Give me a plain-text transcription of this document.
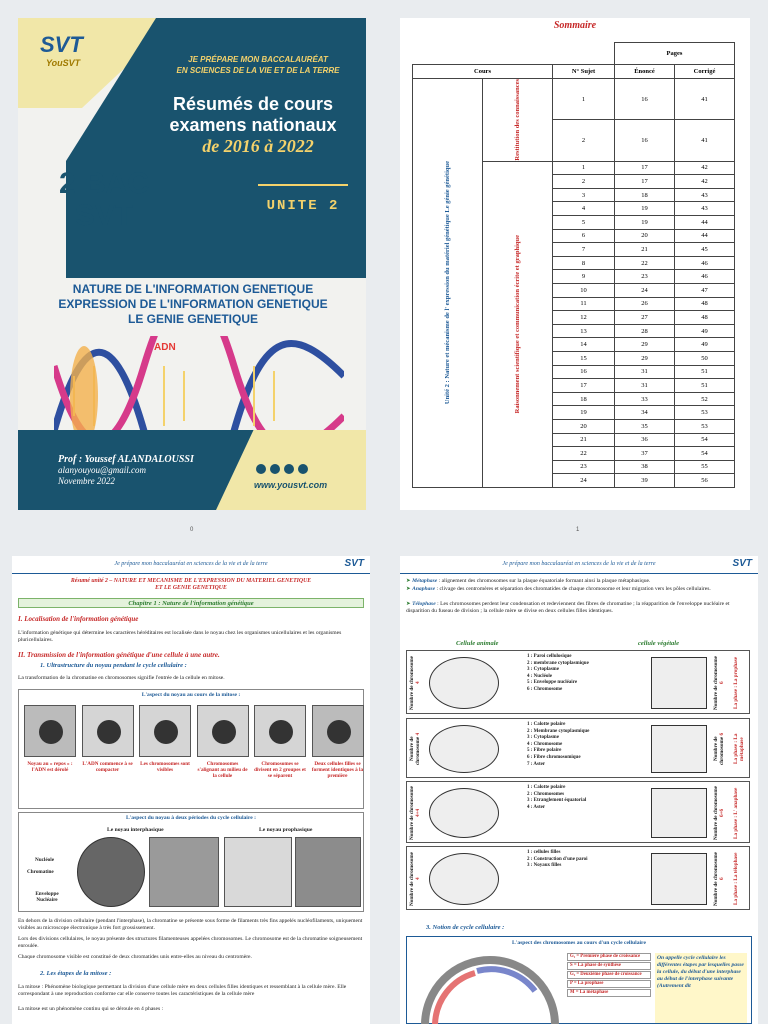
SVT
YouSVT	JE PRÉPARE MON BACCALAURÉAT
EN SCIENCES DE LA VIE ET DE LA TERRE
Résumés de cours
examens nationaux
de 2016 à 2022
2 BAC
SVT	UNITE 2
NATURE DE L'INFORMATION GENETIQUE
EXPRESSION DE L'INFORMATION GENETIQUE
LE GENIE GENETIQUE
ADN
Prof : Youssef ALANDALOUSSI
alanyouyou@gmail.com
Novembre 2022	www.yousvt.com
0
Sommaire
			Pages	
Cours		N° Sujet	Énoncé	Corrigé

Unité 2 : Nature et mécanisme de l' expression du matériel génétique Le génie génétique	Restitution des connaissances	1	16	41
		2	16	41

	Raisonnement scientifique et communication écrite et graphique	1	17	42
		2	17	42
		3	18	43
		4	19	43
		5	19	44
		6	20	44
		7	21	45
		8	22	46
		9	23	46
		10	24	47
		11	26	48
		12	27	48
		13	28	49
		14	29	49
		15	29	50
		16	31	51
		17	31	51
		18	33	52
		19	34	53
		20	35	53
		21	36	54
		22	37	54
		23	38	55
		24	39	56
1
Je prépare mon baccalauréat en sciences de la vie et de la terre	SVT
Résumé unité 2 – NATURE ET MECANISME DE L'EXPRESSION DU MATERIEL GENETIQUE
ET LE GENIE GENETIQUE
Chapitre 1 : Nature de l'information génétique
I. Localisation de l'information génétique
L'information génétique qui détermine les caractères héréditaires est localisée dans le noyau chez les organismes unicellulaires et les organismes pluricellulaires.
II. Transmission de l'information génétique d'une cellule à une autre.
1. Ultrastructure du noyau pendant le cycle cellulaire :
La transformation de la chromatine en chromosomes signifie l'entrée de la cellule en mitose.
L'aspect du noyau au cours de la mitose :
L'aspect du noyau à deux périodes du cycle cellulaire :
Le noyau interphasique	Le noyau prophasique
Nucléole
Chromatine
Enveloppe Nucléaire
En dehors de la division cellulaire (pendant l'interphase), la chromatine se présente sous forme de filaments très fins appelés nucléofilaments, uniquement visibles au microscope électronique à très fort grossissement.
Lors des divisions cellulaires, le noyau présente des structures filamenteuses appelées chromosomes. Le chromosome est de la chromatine soigneusement enroulée.
Chaque chromosome visible est constitué de deux chromatides unis entre-elles au niveau du centromère.
2. Les étapes de la mitose :
La mitose : Phénomène biologique permettant la division d'une cellule mère en deux cellules filles identiques et ressemblant à la cellule mère. Elle correspondant à une reproduction conforme car elle conserve toutes les caractéristiques de la cellule mère
La mitose est un phénomène continu qui se déroule en 4 phases :
Noyau au « repos » : l'ADN est dérolé
L'ADN commence à se compacter
Les chromosomes sont visibles
Chromosomes s'alignant au milieu de la cellule
Chromosomes se divisent en 2 groupes et se séparent
Deux cellules filles se forment identiques à la première
Je prépare mon baccalauréat en sciences de la vie et de la terre	SVT
➤ Métaphase : alignement des chromosomes sur la plaque équatoriale formant ainsi la plaque métaphasique.
➤ Anaphase : clivage des centromères et séparation des chromatides de chaque chromosome et leur migration vers les pôles cellulaires.
➤ Télophase : Les chromosomes perdent leur condensation et redeviennent des fibres de chromatine ; la réapparition de l'enveloppe nucléaire et disparition du fuseau de division ; la cellule mère se divise en deux cellules filles identiques.
Cellule animale	cellule végétale
3. Notion de cycle cellulaire :
L'aspect des chromosomes au cours d'un cycle cellulaire
G₁ = Première phase de croissance
S = La phase de synthèse
G₂ = Deuxième phase de croissance
P = La prophase
M = La métaphase
On appelle cycle cellulaire les différentes étapes par lesquelles passe la cellule, du début d'une interphase au début de l'interphase suivante (Autrement dit
Nombre de chromosome 4
1 : Paroi cellulosique
2 : membrane cytoplasmique
3 : Cytoplasme
4 : Nucléole
5 : Enveloppe nucléaire
6 : Chromosome	Nombre de chromosome 6 La phase : La prophase
Nombre de chromosome 4
1 : Calotte polaire
2 : Membrane cytoplasmique
3 : Cytoplasme
4 : Chromosome
5 : Fibre polaire
6 : Fibre chromosomique
7 : Aster
Nombre de chromosome 6 La phase : La métaphase
Nombre de chromosome 4+4
1 : Calotte polaire
2 : Chromosomes
3 : Etranglement équatorial
4 : Aster	Nombre de chromosome 6+6 La phase : L' anaphase
Nombre de chromosome 4
1 : cellules filles
2 : Construction d'une paroi
3 : Noyaux filles	Nombre de chromosome 6 La phase : La télophase
